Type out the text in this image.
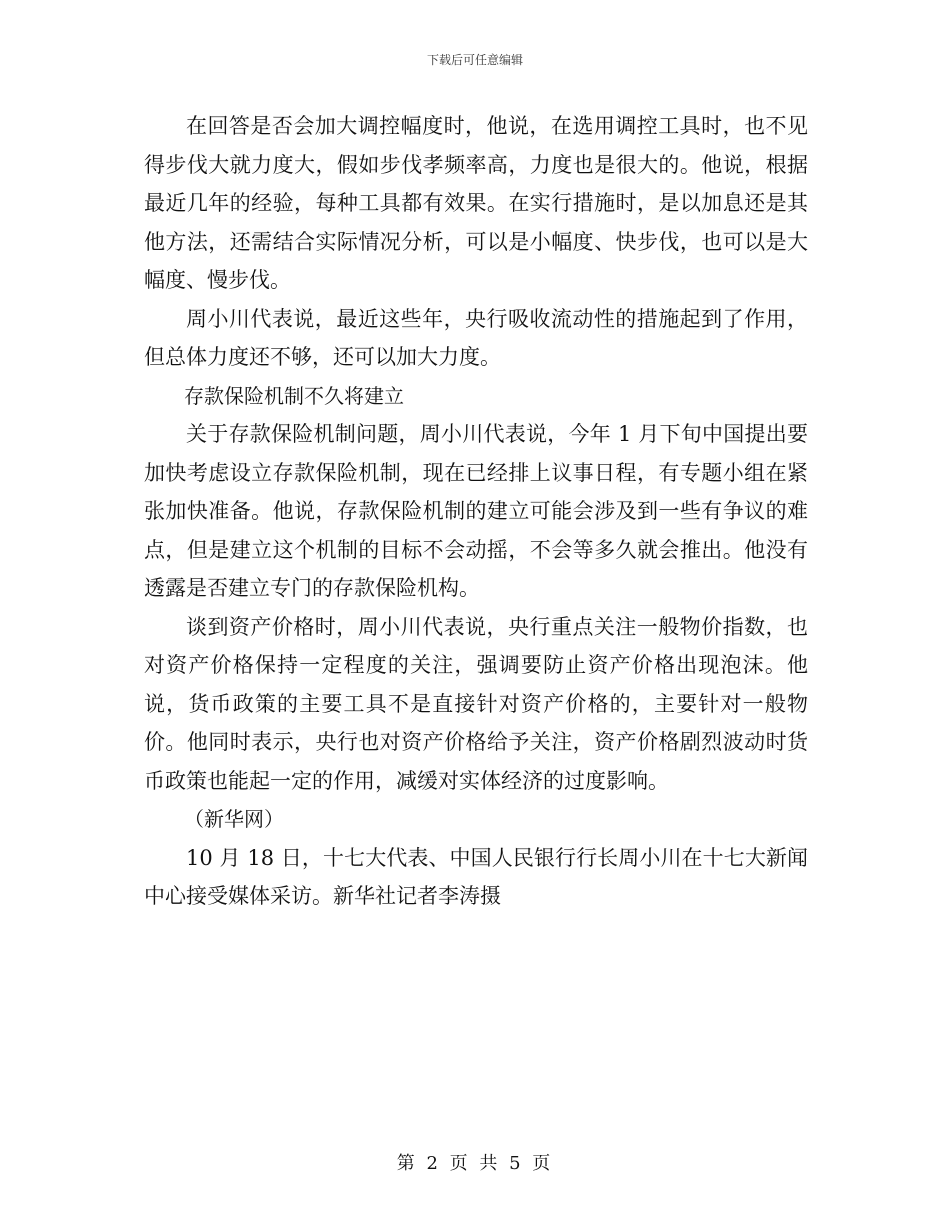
下载后可任意编辑

在回答是否会加大调控幅度时，他说，在选用调控工具时，也不见得步伐大就力度大，假如步伐孝频率高，力度也是很大的。他说，根据最近几年的经验，每种工具都有效果。在实行措施时，是以加息还是其他方法，还需结合实际情况分析，可以是小幅度、快步伐，也可以是大幅度、慢步伐。

周小川代表说，最近这些年，央行吸收流动性的措施起到了作用，但总体力度还不够，还可以加大力度。

存款保险机制不久将建立

关于存款保险机制问题，周小川代表说，今年 1 月下旬中国提出要加快考虑设立存款保险机制，现在已经排上议事日程，有专题小组在紧张加快准备。他说，存款保险机制的建立可能会涉及到一些有争议的难点，但是建立这个机制的目标不会动摇，不会等多久就会推出。他没有透露是否建立专门的存款保险机构。

谈到资产价格时，周小川代表说，央行重点关注一般物价指数，也对资产价格保持一定程度的关注，强调要防止资产价格出现泡沫。他说，货币政策的主要工具不是直接针对资产价格的，主要针对一般物价。他同时表示，央行也对资产价格给予关注，资产价格剧烈波动时货币政策也能起一定的作用，减缓对实体经济的过度影响。

（新华网）

10 月 18 日，十七大代表、中国人民银行行长周小川在十七大新闻中心接受媒体采访。新华社记者李涛摄

第 2 页 共 5 页
